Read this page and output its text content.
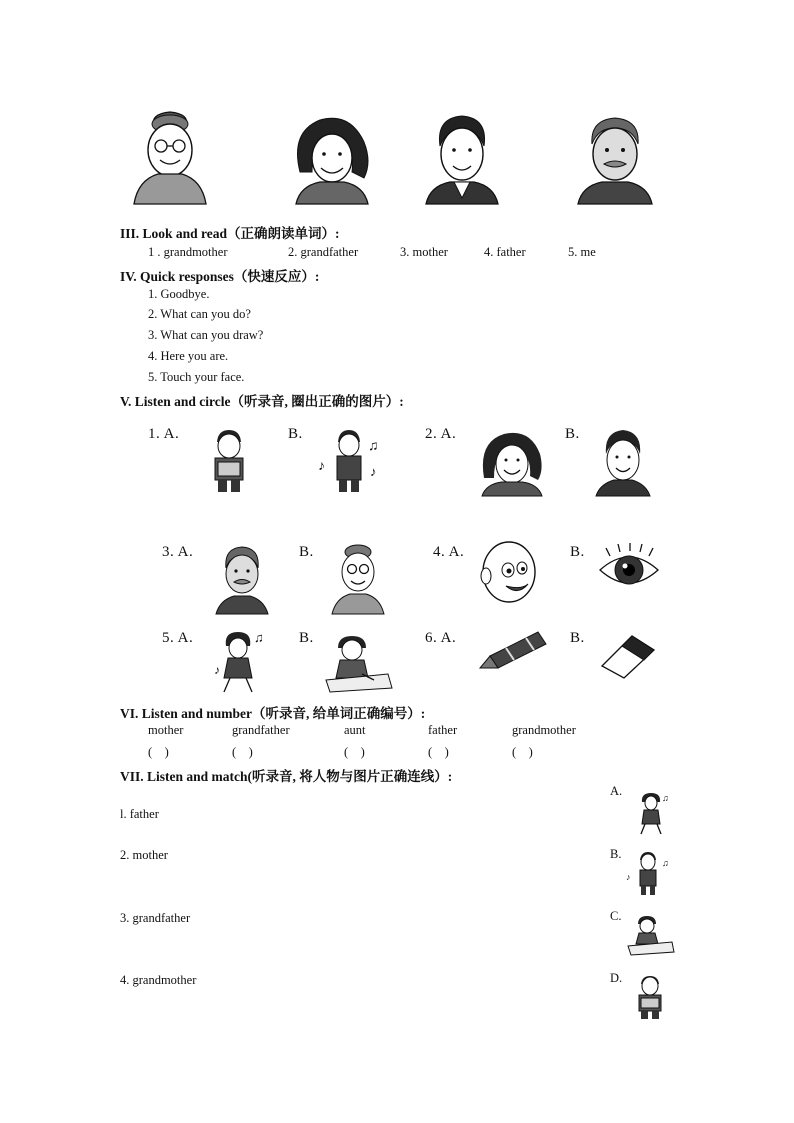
III. Look and read（正确朗读单词）:
1 . grandmother	2. grandfather	3. mother	4. father	5. me
IV. Quick responses（快速反应）:
1. Goodbye.
2. What can you do?
3. What can you draw?
4. Here you are.
5. Touch your face.
V. Listen and circle（听录音, 圈出正确的图片）:
1. A.	B.
♪
♫
♪
2. A.	B.
3. A.	B.	4. A.	B.
5. A.	♫
♪
B.	6. A.	B.
VI. Listen and number（听录音, 给单词正确编号）:
mother	grandfather	aunt	father	grandmother
(    )	(    )	(    )	(    )	(    )
VII. Listen and match(听录音, 将人物与图片正确连线）:
l. father
2. mother
3. grandfather
4. grandmother
A.	♫
B.
♪
♫
C.
D.
